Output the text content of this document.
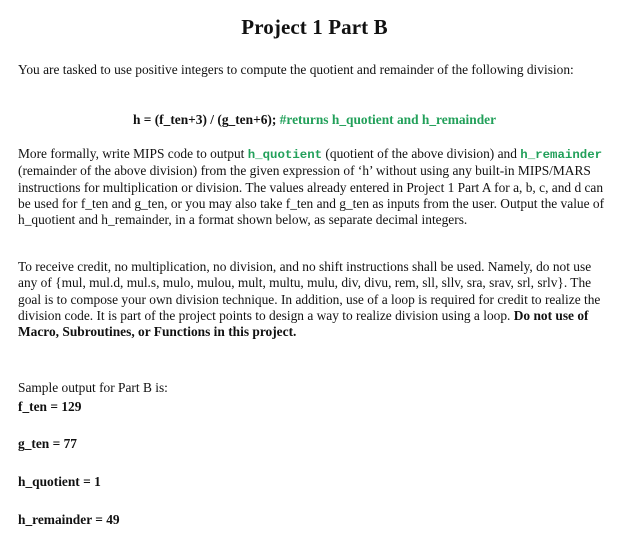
Project 1 Part B
You are tasked to use positive integers to compute the quotient and remainder of the following division:
h = (f_ten+3) / (g_ten+6); #returns h_quotient and h_remainder
More formally, write MIPS code to output h_quotient (quotient of the above division) and h_remainder (remainder of the above division) from the given expression of ‘h’ without using any built-in MIPS/MARS instructions for multiplication or division. The values already entered in Project 1 Part A for a, b, c, and d can be used for f_ten and g_ten, or you may also take f_ten and g_ten as inputs from the user. Output the value of h_quotient and h_remainder, in a format shown below, as separate decimal integers.
To receive credit, no multiplication, no division, and no shift instructions shall be used. Namely, do not use any of {mul, mul.d, mul.s, mulo, mulou, mult, multu, mulu, div, divu, rem, sll, sllv, sra, srav, srl, srlv}. The goal is to compose your own division technique. In addition, use of a loop is required for credit to realize the division code. It is part of the project points to design a way to realize division using a loop. Do not use of Macro, Subroutines, or Functions in this project.
Sample output for Part B is:
f_ten = 129
g_ten = 77
h_quotient = 1
h_remainder = 49
